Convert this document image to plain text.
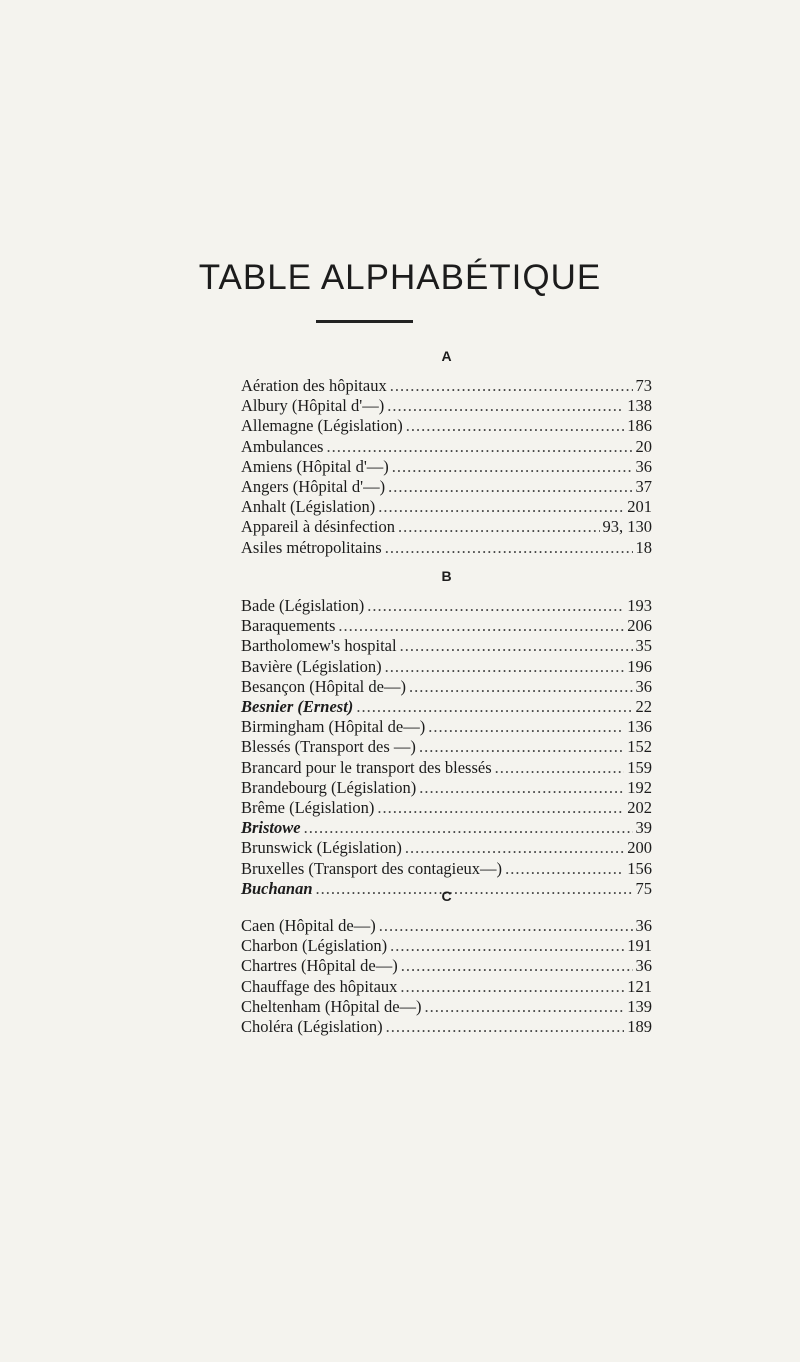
TABLE ALPHABÉTIQUE
A
Aération des hôpitaux .....	73
Albury (Hôpital d'—) .....	138
Allemagne (Législation) .....	186
Ambulances .....	20
Amiens (Hôpital d'—) .....	36
Angers (Hôpital d'—) .....	37
Anhalt (Législation) .....	201
Appareil à désinfection .....	93, 130
Asiles métropolitains .....	18
B
Bade (Législation) .....	193
Baraquements .....	206
Bartholomew's hospital .....	35
Bavière (Législation) .....	196
Besançon (Hôpital de—) .....	36
Besnier (Ernest) .....	22
Birmingham (Hôpital de—) .....	136
Blessés (Transport des —) .....	152
Brancard pour le transport des blessés .....	159
Brandebourg (Législation) .....	192
Brême (Législation) .....	202
Bristowe .....	39
Brunswick (Législation) .....	200
Bruxelles (Transport des contagieux—) .....	156
Buchanan .....	75
C
Caen (Hôpital de—) .....	36
Charbon (Législation) .....	191
Chartres (Hôpital de—) .....	36
Chauffage des hôpitaux .....	121
Cheltenham (Hôpital de—) .....	139
Choléra (Législation) .....	189
